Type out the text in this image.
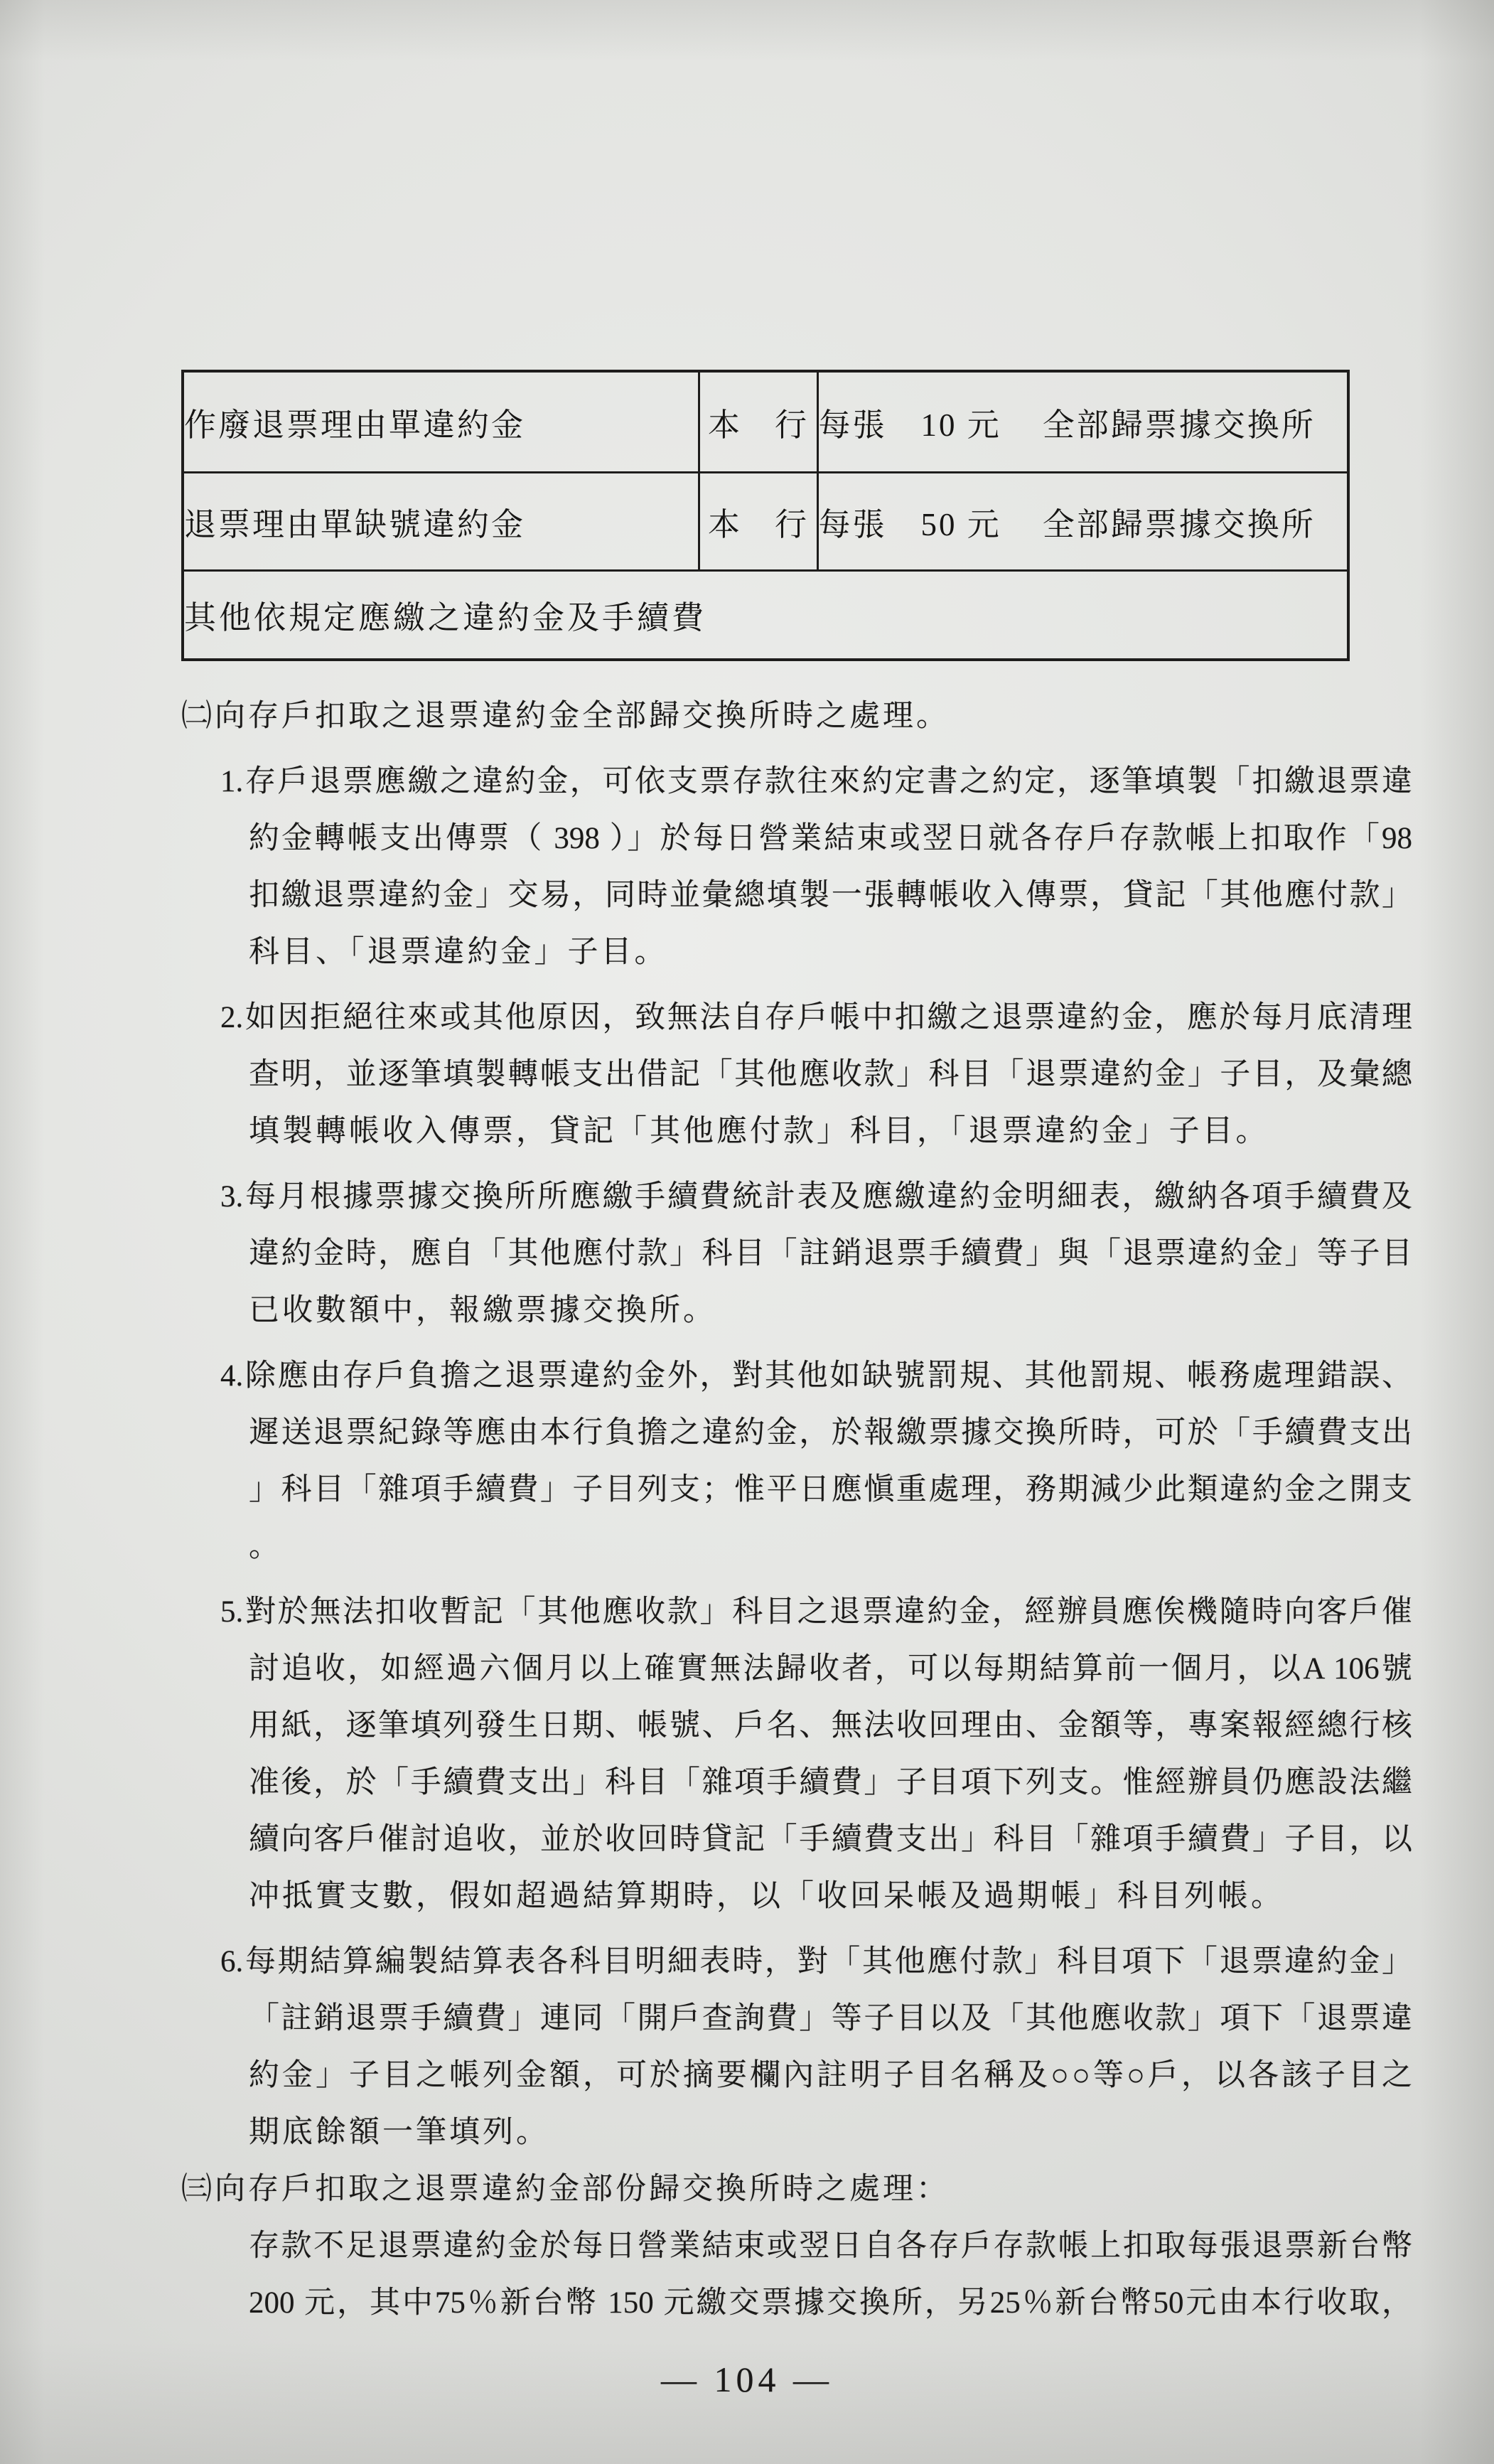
作廢退票理由單違約金	本　行	每張　10 元 全部歸票據交換所
退票理由單缺號違約金	本　行	每張　50 元 全部歸票據交換所
其他依規定應繳之違約金及手續費		
㈡向存戶扣取之退票違約金全部歸交換所時之處理。
1.存戶退票應繳之違約金，可依支票存款往來約定書之約定，逐筆填製「扣繳退票違
約金轉帳支出傳票（ 398 ）」於每日營業結束或翌日就各存戶存款帳上扣取作「98
扣繳退票違約金」交易，同時並彙總填製一張轉帳收入傳票，貸記「其他應付款」
科目、「退票違約金」子目。
2.如因拒絕往來或其他原因，致無法自存戶帳中扣繳之退票違約金，應於每月底清理
查明，並逐筆填製轉帳支出借記「其他應收款」科目「退票違約金」子目，及彙總
填製轉帳收入傳票，貸記「其他應付款」科目，「退票違約金」子目。
3.每月根據票據交換所所應繳手續費統計表及應繳違約金明細表，繳納各項手續費及
違約金時，應自「其他應付款」科目「註銷退票手續費」與「退票違約金」等子目
已收數額中，報繳票據交換所。
4.除應由存戶負擔之退票違約金外，對其他如缺號罰規、其他罰規、帳務處理錯誤、
遲送退票紀錄等應由本行負擔之違約金，於報繳票據交換所時，可於「手續費支出
」科目「雜項手續費」子目列支；惟平日應愼重處理，務期減少此類違約金之開支
。
5.對於無法扣收暫記「其他應收款」科目之退票違約金，經辦員應俟機隨時向客戶催
討追收，如經過六個月以上確實無法歸收者，可以每期結算前一個月，以A 106號
用紙，逐筆填列發生日期、帳號、戶名、無法收回理由、金額等，專案報經總行核
准後，於「手續費支出」科目「雜項手續費」子目項下列支。惟經辦員仍應設法繼
續向客戶催討追收，並於收回時貸記「手續費支出」科目「雜項手續費」子目，以
冲抵實支數，假如超過結算期時，以「收回呆帳及過期帳」科目列帳。
6.每期結算編製結算表各科目明細表時，對「其他應付款」科目項下「退票違約金」
「註銷退票手續費」連同「開戶查詢費」等子目以及「其他應收款」項下「退票違
約金」子目之帳列金額，可於摘要欄內註明子目名稱及○○等○戶，以各該子目之
期底餘額一筆填列。
㈢向存戶扣取之退票違約金部份歸交換所時之處理：
存款不足退票違約金於每日營業結束或翌日自各存戶存款帳上扣取每張退票新台幣
200 元，其中75％新台幣 150 元繳交票據交換所，另25％新台幣50元由本行收取，
— 104 —
